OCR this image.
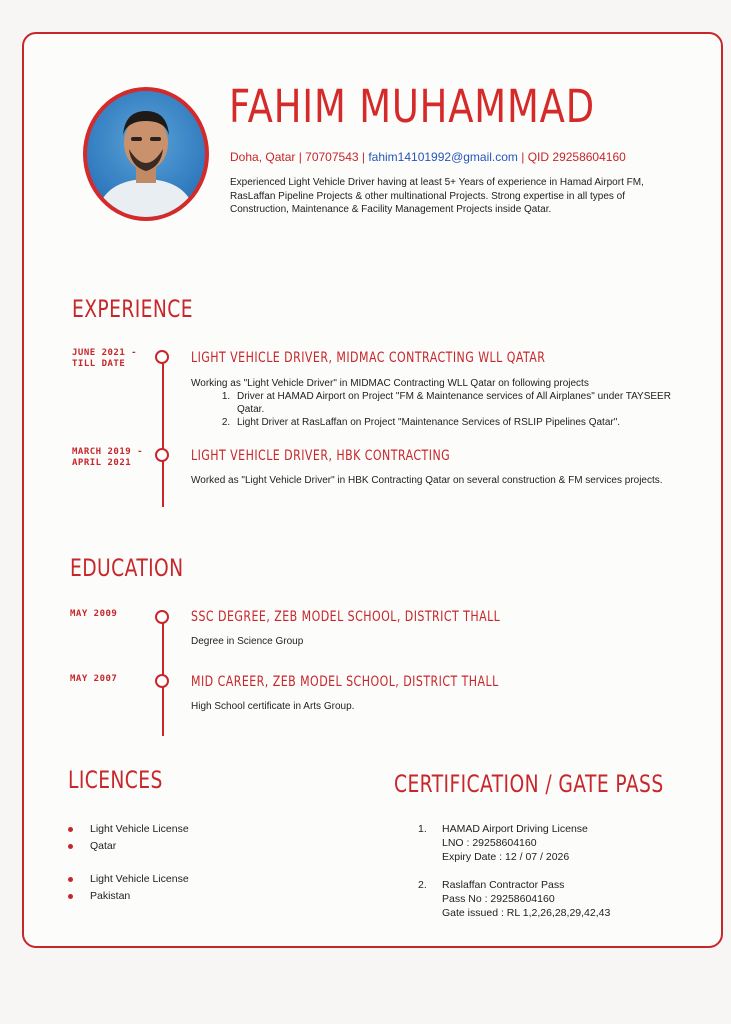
FAHIM MUHAMMAD
Doha, Qatar | 70707543 | fahim14101992@gmail.com | QID 29258604160
Experienced Light Vehicle Driver having at least 5+ Years of experience in Hamad Airport FM, RasLaffan Pipeline Projects & other multinational Projects. Strong expertise in all types of Construction, Maintenance & Facility Management Projects inside Qatar.
EXPERIENCE
JUNE 2021 -
TILL DATE	LIGHT VEHICLE DRIVER, MIDMAC CONTRACTING WLL QATAR
Working as "Light Vehicle Driver" in MIDMAC Contracting WLL Qatar on following projects
1. Driver at HAMAD Airport on Project "FM & Maintenance services of All Airplanes" under TAYSEER Qatar.
2. Light Driver at RasLaffan on Project "Maintenance Services of RSLIP Pipelines Qatar".
MARCH 2019 -
APRIL 2021	LIGHT VEHICLE DRIVER, HBK CONTRACTING
Worked as "Light Vehicle Driver" in HBK Contracting Qatar on several construction & FM services projects.
EDUCATION
MAY 2009	SSC DEGREE, ZEB MODEL SCHOOL, DISTRICT THALL
Degree in Science Group
MAY 2007	MID CAREER, ZEB MODEL SCHOOL, DISTRICT THALL
High School certificate in Arts Group.
LICENCES
Light Vehicle License
Qatar
Light Vehicle License
Pakistan
CERTIFICATION / GATE PASS
1. HAMAD Airport Driving License
LNO : 29258604160
Expiry Date : 12 / 07 / 2026
2. Raslaffan Contractor Pass
Pass No : 29258604160
Gate issued : RL 1,2,26,28,29,42,43
